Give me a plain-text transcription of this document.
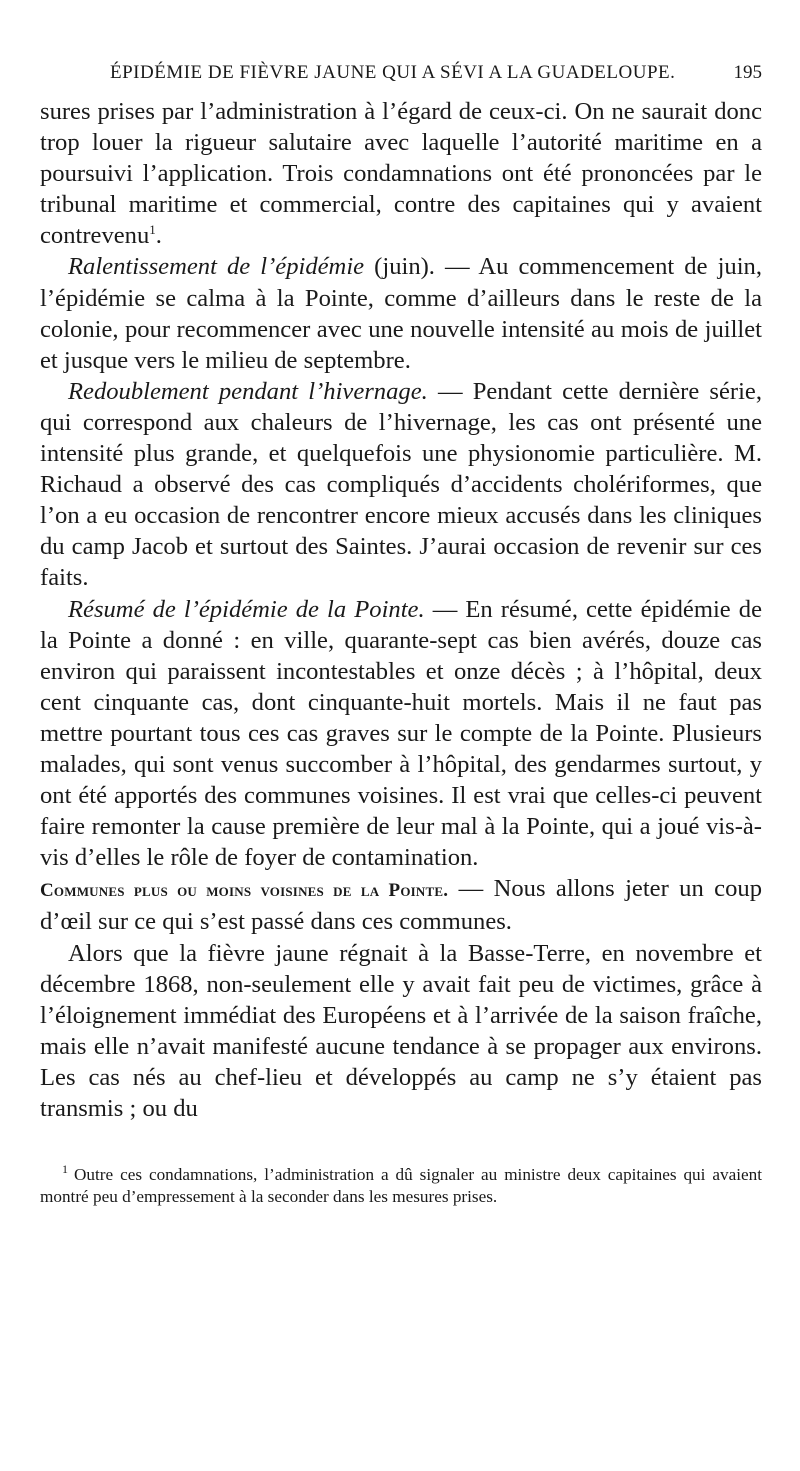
ÉPIDÉMIE DE FIÈVRE JAUNE QUI A SÉVI A LA GUADELOUPE.	195

sures prises par l’administration à l’égard de ceux-ci. On ne saurait donc trop louer la rigueur salutaire avec laquelle l’autorité maritime en a poursuivi l’application. Trois condamnations ont été prononcées par le tribunal maritime et commercial, contre des capitaines qui y avaient contrevenu$^1$.

Ralentissement de l’épidémie (juin). — Au commencement de juin, l’épidémie se calma à la Pointe, comme d’ailleurs dans le reste de la colonie, pour recommencer avec une nouvelle intensité au mois de juillet et jusque vers le milieu de septembre.

Redoublement pendant l’hivernage. — Pendant cette dernière série, qui correspond aux chaleurs de l’hivernage, les cas ont présenté une intensité plus grande, et quelquefois une physionomie particulière. M. Richaud a observé des cas compliqués d’accidents cholériformes, que l’on a eu occasion de rencontrer encore mieux accusés dans les cliniques du camp Jacob et surtout des Saintes. J’aurai occasion de revenir sur ces faits.

Résumé de l’épidémie de la Pointe. — En résumé, cette épidémie de la Pointe a donné : en ville, quarante-sept cas bien avérés, douze cas environ qui paraissent incontestables et onze décès ; à l’hôpital, deux cent cinquante cas, dont cinquante-huit mortels. Mais il ne faut pas mettre pourtant tous ces cas graves sur le compte de la Pointe. Plusieurs malades, qui sont venus succomber à l’hôpital, des gendarmes surtout, y ont été apportés des communes voisines. Il est vrai que celles-ci peuvent faire remonter la cause première de leur mal à la Pointe, qui a joué vis-à-vis d’elles le rôle de foyer de contamination.

Communes plus ou moins voisines de la Pointe. — Nous allons jeter un coup d’œil sur ce qui s’est passé dans ces communes.

Alors que la fièvre jaune régnait à la Basse-Terre, en novembre et décembre 1868, non-seulement elle y avait fait peu de victimes, grâce à l’éloignement immédiat des Européens et à l’arrivée de la saison fraîche, mais elle n’avait manifesté aucune tendance à se propager aux environs. Les cas nés au chef-lieu et développés au camp ne s’y étaient pas transmis ; ou du

$^1$ Outre ces condamnations, l’administration a dû signaler au ministre deux capitaines qui avaient montré peu d’empressement à la seconder dans les mesures prises.
